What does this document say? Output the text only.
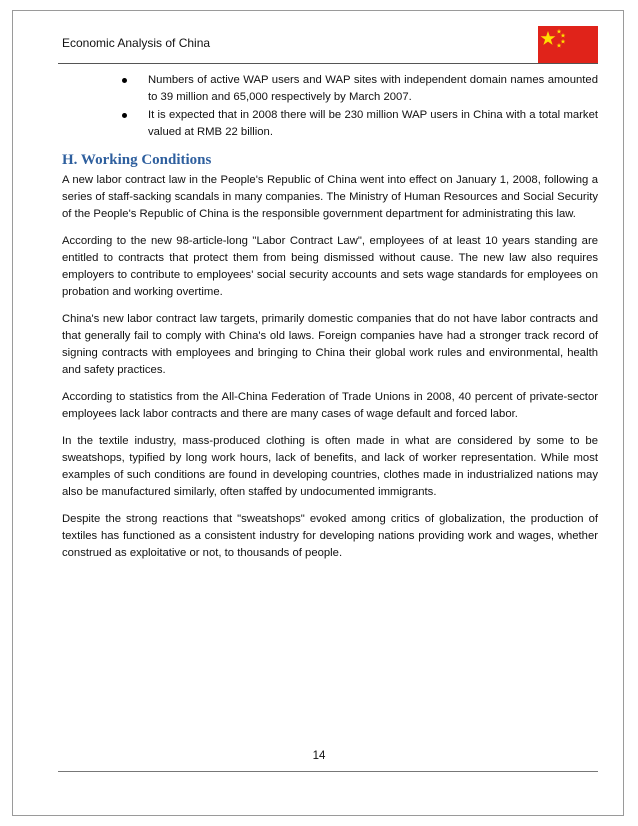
Economic Analysis of China
Numbers of active WAP users and WAP sites with independent domain names amounted to 39 million and 65,000 respectively by March 2007.
It is expected that in 2008 there will be 230 million WAP users in China with a total market valued at RMB 22 billion.
H. Working Conditions

A new labor contract law in the People's Republic of China went into effect on January 1, 2008, following a series of staff-sacking scandals in many companies. The Ministry of Human Resources and Social Security of the People's Republic of China is the responsible government department for administrating this law.

According to the new 98-article-long "Labor Contract Law", employees of at least 10 years standing are entitled to contracts that protect them from being dismissed without cause. The new law also requires employers to contribute to employees' social security accounts and sets wage standards for employees on probation and working overtime.

China's new labor contract law targets, primarily domestic companies that do not have labor contracts and that generally fail to comply with China's old laws. Foreign companies have had a stronger track record of signing contracts with employees and bringing to China their global work rules and environmental, health and safety practices.

According to statistics from the All-China Federation of Trade Unions in 2008, 40 percent of private-sector employees lack labor contracts and there are many cases of wage default and forced labor.

In the textile industry, mass-produced clothing is often made in what are considered by some to be sweatshops, typified by long work hours, lack of benefits, and lack of worker representation. While most examples of such conditions are found in developing countries, clothes made in industrialized nations may also be manufactured similarly, often staffed by undocumented immigrants.

Despite the strong reactions that "sweatshops" evoked among critics of globalization, the production of textiles has functioned as a consistent industry for developing nations providing work and wages, whether construed as exploitative or not, to thousands of people.

14
